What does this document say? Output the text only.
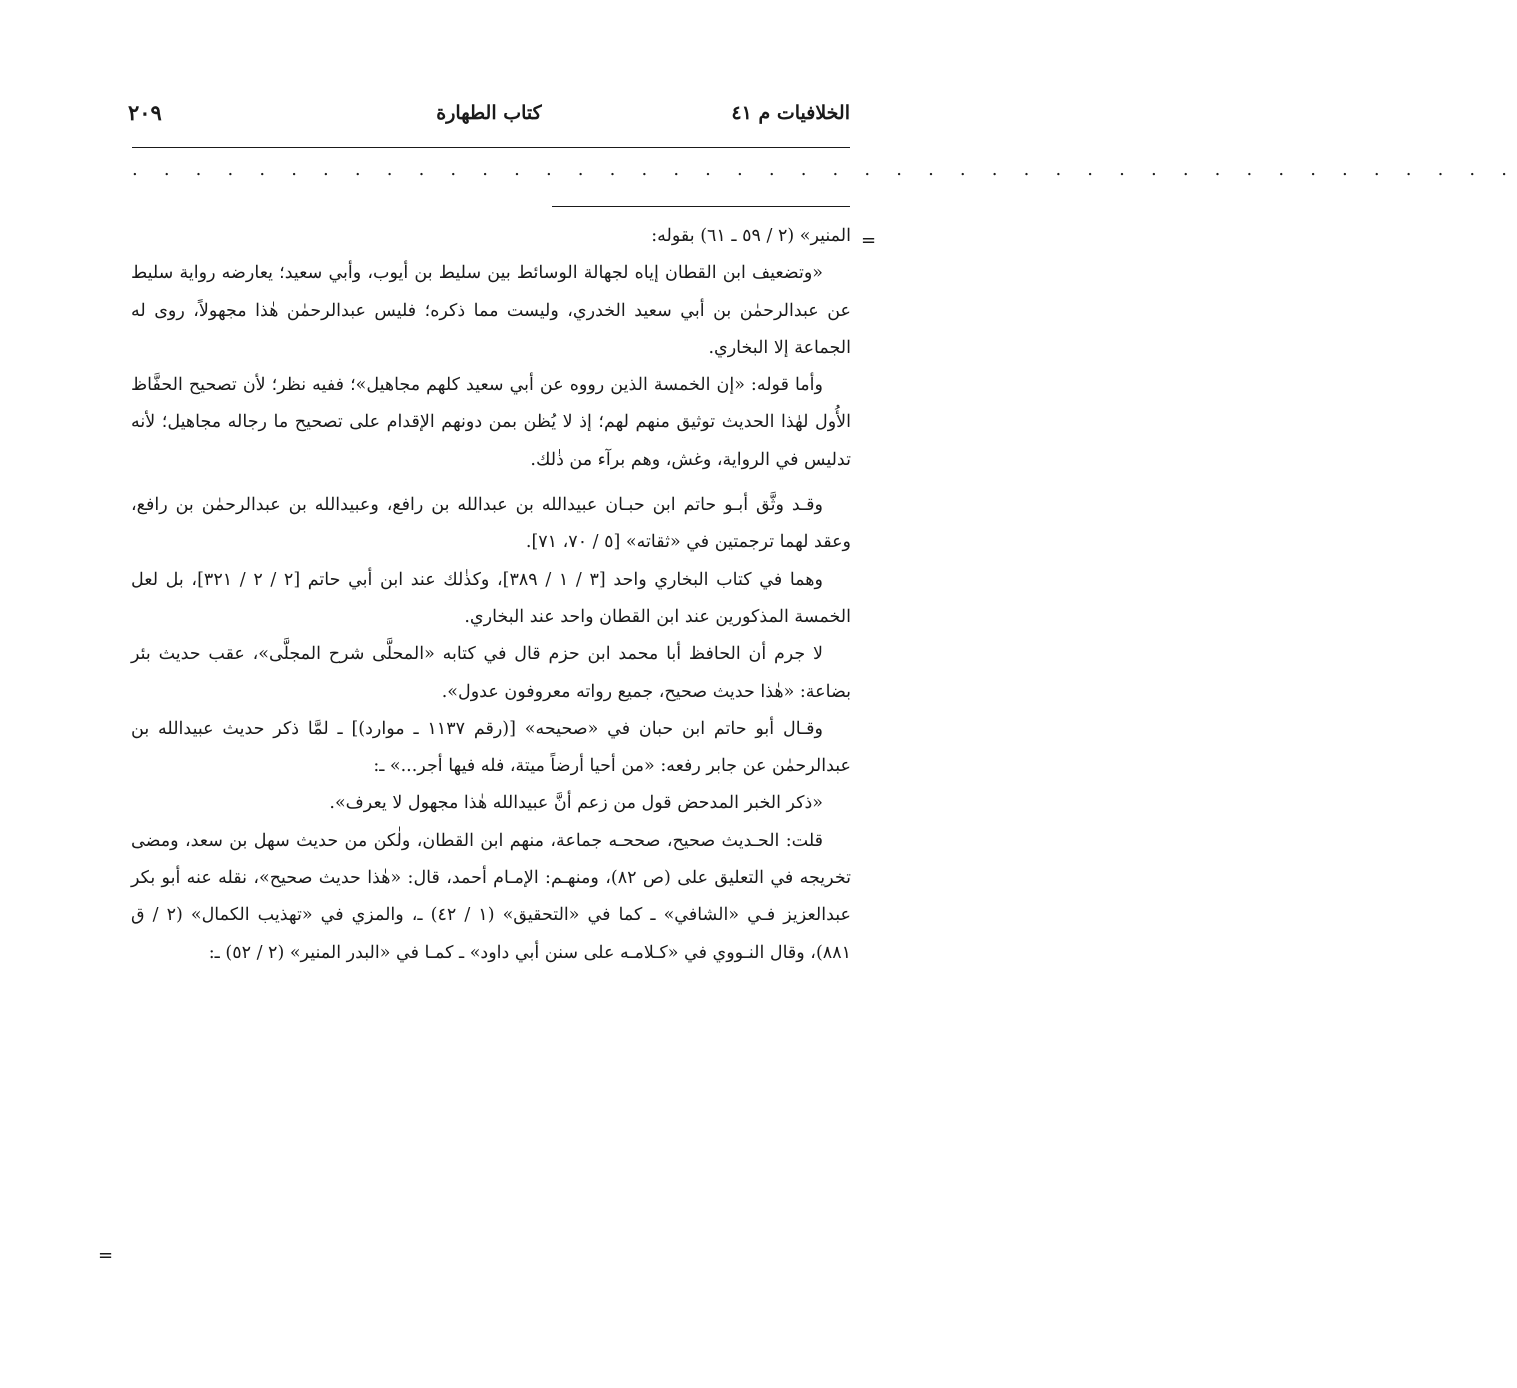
الخلافيات م ٤١
كتاب الطهارة
٢٠٩
. . . . . . . . . . . . . . . . . . . . . . . . . . . . . . . . . . . . . . . . . . . .
=

المنير» (٢ / ٥٩ ـ ٦١) بقوله:

«وتضعيف ابن القطان إياه لجهالة الوسائط بين سليط بن أيوب، وأبي سعيد؛ يعارضه رواية سليط عن عبدالرحمٰن بن أبي سعيد الخدري، وليست مما ذكره؛ فليس عبدالرحمٰن هٰذا مجهولاً، روى له الجماعة إلا البخاري.

وأما قوله: «إن الخمسة الذين رووه عن أبي سعيد كلهم مجاهيل»؛ ففيه نظر؛ لأن تصحيح الحفَّاظ الأُول لهٰذا الحديث توثيق منهم لهم؛ إذ لا يُظن بمن دونهم الإقدام على تصحيح ما رجاله مجاهيل؛ لأنه تدليس في الرواية، وغش، وهم برآء من ذٰلك.

وقـد وثَّق أبـو حاتم ابن حبـان عبيدالله بن عبدالله بن رافع، وعبيدالله بن عبدالرحمٰن بن رافع، وعقد لهما ترجمتين في «ثقاته» [٥ / ٧٠، ٧١].

وهما في كتاب البخاري واحد [٣ / ١ / ٣٨٩]، وكذٰلك عند ابن أبي حاتم [٢ / ٢ / ٣٢١]، بل لعل الخمسة المذكورين عند ابن القطان واحد عند البخاري.

لا جرم أن الحافظ أبا محمد ابن حزم قال في كتابه «المحلَّى شرح المجلَّى»، عقب حديث بئر بضاعة: «هٰذا حديث صحيح، جميع رواته معروفون عدول».

وقـال أبو حاتم ابن حبان في «صحيحه» [(رقم ١١٣٧ ـ موارد)] ـ لمَّا ذكر حديث عبيدالله بن عبدالرحمٰن عن جابر رفعه: «من أحيا أرضاً ميتة، فله فيها أجر...» ـ:

«ذكر الخبر المدحض قول من زعم أنَّ عبيدالله هٰذا مجهول لا يعرف».

قلت: الحـديث صحيح، صححـه جماعة، منهم ابن القطان، ولٰكن من حديث سهل بن سعد، ومضى تخريجه في التعليق على (ص ٨٢)، ومنهـم: الإمـام أحمد، قال: «هٰذا حديث صحيح»، نقله عنه أبو بكر عبدالعزيز فـي «الشافي» ـ كما في «التحقيق» (١ / ٤٢) ـ، والمزي في «تهذيب الكمال» (٢ / ق ٨٨١)، وقال النـووي في «كـلامـه على سنن أبي داود» ـ كمـا في «البدر المنير» (٢ / ٥٢) ـ:

=
